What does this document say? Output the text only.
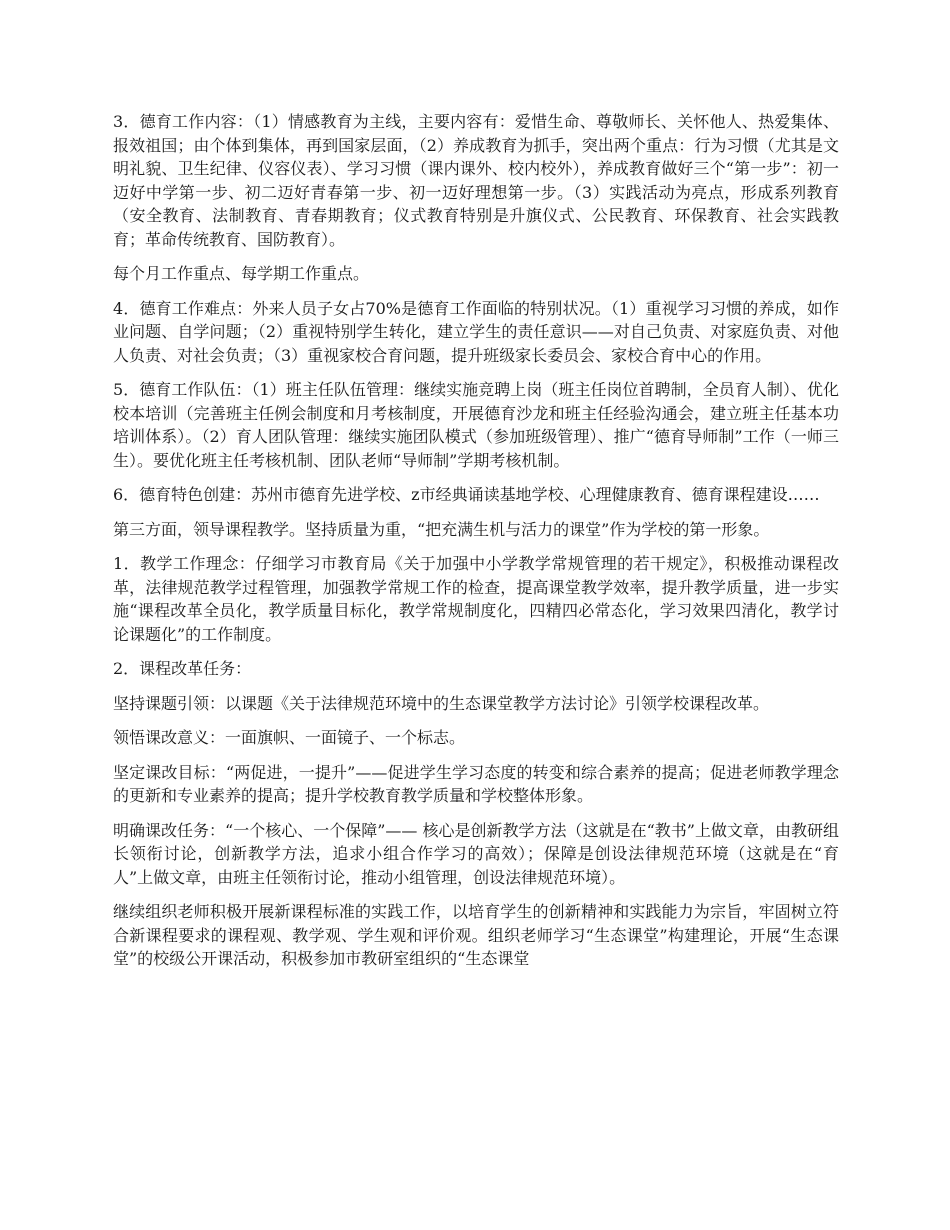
3．德育工作内容：（1）情感教育为主线，主要内容有：爱惜生命、尊敬师长、关怀他人、热爱集体、报效祖国；由个体到集体，再到国家层面，（2）养成教育为抓手，突出两个重点：行为习惯（尤其是文明礼貌、卫生纪律、仪容仪表）、学习习惯（课内课外、校内校外），养成教育做好三个“第一步”：初一迈好中学第一步、初二迈好青春第一步、初一迈好理想第一步。（3）实践活动为亮点，形成系列教育（安全教育、法制教育、青春期教育；仪式教育特别是升旗仪式、公民教育、环保教育、社会实践教育；革命传统教育、国防教育）。

每个月工作重点、每学期工作重点。

4．德育工作难点：外来人员子女占70%是德育工作面临的特别状况。（1）重视学习习惯的养成，如作业问题、自学问题；（2）重视特别学生转化，建立学生的责任意识——对自己负责、对家庭负责、对他人负责、对社会负责；（3）重视家校合育问题，提升班级家长委员会、家校合育中心的作用。

5．德育工作队伍：（1）班主任队伍管理：继续实施竞聘上岗（班主任岗位首聘制，全员育人制）、优化校本培训（完善班主任例会制度和月考核制度，开展德育沙龙和班主任经验沟通会，建立班主任基本功培训体系）。（2）育人团队管理：继续实施团队模式（参加班级管理）、推广“德育导师制”工作（一师三生）。要优化班主任考核机制、团队老师“导师制”学期考核机制。

6．德育特色创建：苏州市德育先进学校、z市经典诵读基地学校、心理健康教育、德育课程建设……

第三方面，领导课程教学。坚持质量为重，“把充满生机与活力的课堂”作为学校的第一形象。

1．教学工作理念：仔细学习市教育局《关于加强中小学教学常规管理的若干规定》，积极推动课程改革，法律规范教学过程管理，加强教学常规工作的检查，提高课堂教学效率，提升教学质量，进一步实施“课程改革全员化，教学质量目标化，教学常规制度化，四精四必常态化，学习效果四清化，教学讨论课题化”的工作制度。

2．课程改革任务：

坚持课题引领：以课题《关于法律规范环境中的生态课堂教学方法讨论》引领学校课程改革。

领悟课改意义：一面旗帜、一面镜子、一个标志。

坚定课改目标：“两促进，一提升”——促进学生学习态度的转变和综合素养的提高；促进老师教学理念的更新和专业素养的提高；提升学校教育教学质量和学校整体形象。

明确课改任务：“一个核心、一个保障”—— 核心是创新教学方法（这就是在“教书”上做文章，由教研组长领衔讨论，创新教学方法，追求小组合作学习的高效）；保障是创设法律规范环境（这就是在“育人”上做文章，由班主任领衔讨论，推动小组管理，创设法律规范环境）。

继续组织老师积极开展新课程标准的实践工作，以培育学生的创新精神和实践能力为宗旨，牢固树立符合新课程要求的课程观、教学观、学生观和评价观。组织老师学习“生态课堂”构建理论，开展“生态课堂”的校级公开课活动，积极参加市教研室组织的“生态课堂
